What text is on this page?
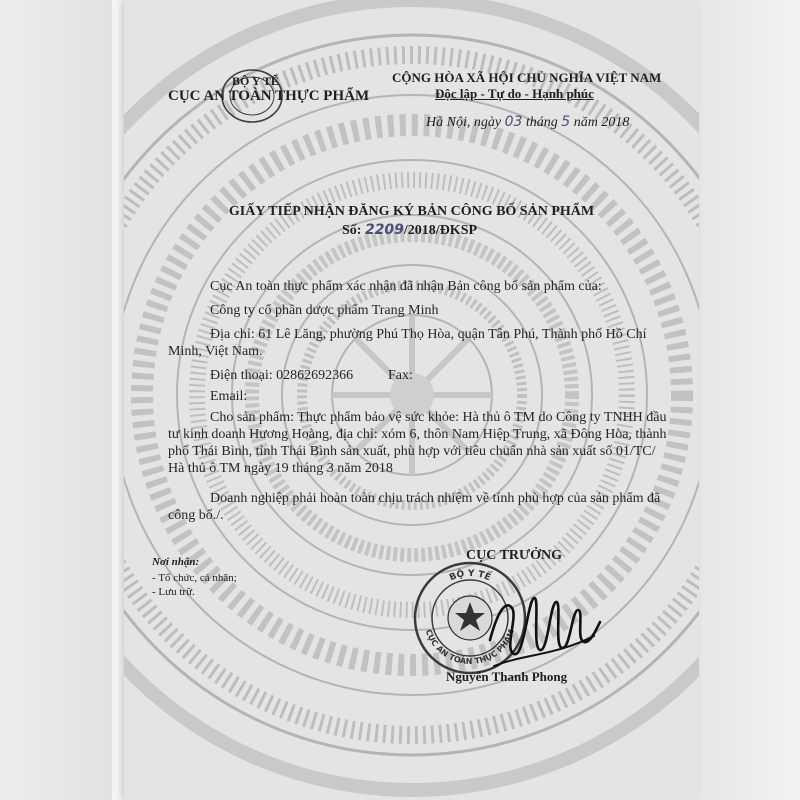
BỘ Y TẾ
CỤC AN TOÀN THỰC PHẨM
CỘNG HÒA XÃ HỘI CHỦ NGHĨA VIỆT NAM
Độc lập - Tự do - Hạnh phúc
Hà Nội, ngày 03 tháng 5 năm 2018
GIẤY TIẾP NHẬN ĐĂNG KÝ BẢN CÔNG BỐ SẢN PHẨM
Số: 2209/2018/ĐKSP
Cục An toàn thực phẩm xác nhận đã nhận Bản công bố sản phẩm của:
Công ty cổ phần dược phẩm Trang Minh
Địa chỉ: 61 Lê Lăng, phường Phú Thọ Hòa, quận Tân Phú, Thành phố Hồ Chí Minh, Việt Nam.
Điện thoại: 02862692366 Fax:
Email:
Cho sản phẩm: Thực phẩm bảo vệ sức khỏe: Hà thủ ô TM do Công ty TNHH đầu tư kinh doanh Hương Hoàng, địa chỉ: xóm 6, thôn Nam Hiệp Trung, xã Đông Hòa, thành phố Thái Bình, tỉnh Thái Bình sản xuất, phù hợp với tiêu chuẩn nhà sản xuất số 01/TC/ Hà thủ ô TM ngày 19 tháng 3 năm 2018
Doanh nghiệp phải hoàn toàn chịu trách nhiệm về tính phù hợp của sản phẩm đã công bố./.
Nơi nhận:
- Tổ chức, cá nhân;
- Lưu trữ.
CỤC TRƯỞNG
BỘ Y TẾ
CỤC AN TOÀN THỰC PHẨM
Nguyễn Thanh Phong
